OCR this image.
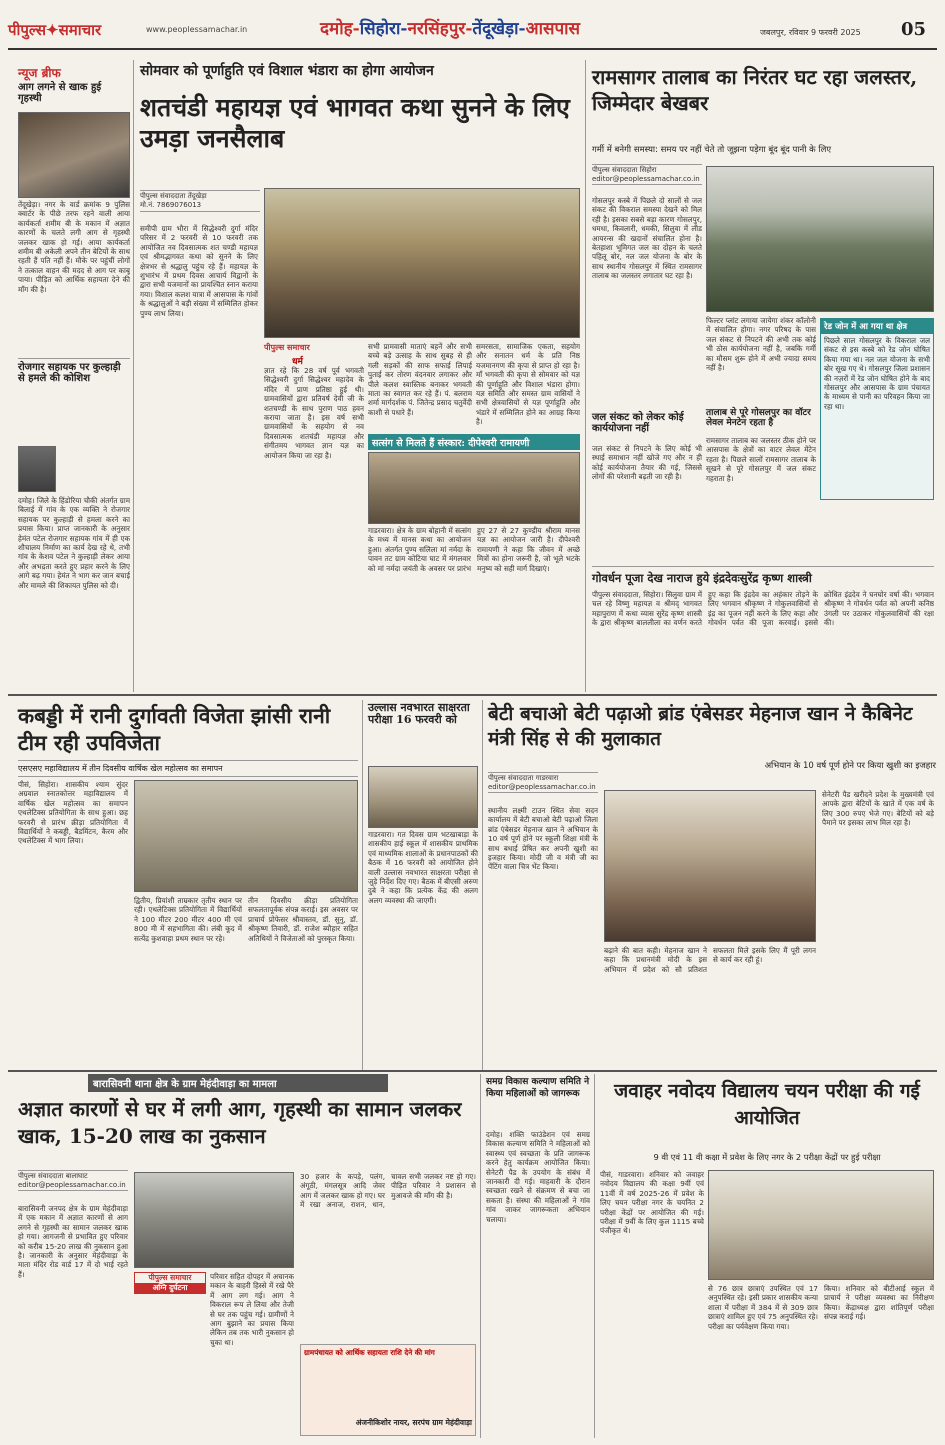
पीपुल्स✦समाचार	www.peoplessamachar.in	दमोह-सिहोरा-नरसिंहपुर-तेंदूखेड़ा-आसपास	जबलपुर, रविवार 9 फरवरी 2025 05
न्यूज ब्रीफ
आग लगने से खाक हुई गृहस्थी
तेंदूखेड़ा। नगर के वार्ड क्रमांक 9 पुलिस क्वार्टर के पीछे तरफ रहने वाली आया कार्यकर्ता शमीम बी के मकान में अज्ञात कारणों के चलते लगी आग से गृहस्थी जलकर खाक हो गई। आया कार्यकर्ता शमीम बी अकेली अपने तीन बेटियों के साथ रहती हैं पति नहीं हैं। मौके पर पहुंचीं लोगों ने तत्काल वाहन की मदद से आग पर काबू पाया। पीड़ित को आर्थिक सहायता देने की माँग की है।
रोजगार सहायक पर कुल्हाड़ी से हमले की कोशिश
दमोह। जिले के हिंडोरिया चौकी अंतर्गत ग्राम बिलाई में गांव के एक व्यक्ति ने रोजगार सहायक पर कुल्हाड़ी से हमला करने का प्रयास किया। प्राप्त जानकारी के अनुसार हेमंत पटेल रोजगार सहायक गांव में ही एक शौचालय निर्माण का कार्य देख रहे थे, तभी गांव के केशव पटेल ने कुल्हाड़ी लेकर आया और अभद्रता करते हुए प्रहार करने के लिए आगे बढ़ गया। हेमंत ने भाग कर जान बचाई और मामले की शिकायत पुलिस को दी।
सोमवार को पूर्णाहुति एवं विशाल भंडारा का होगा आयोजन
शतचंडी महायज्ञ एवं भागवत कथा सुनने के लिए उमड़ा जनसैलाब
पीपुल्स संवाददाता तेंदूखेड़ा
मो.नं. 7869076013
समीपी ग्राम भौरा में सिद्धेश्वरी दुर्गा मंदिर परिसर में 2 फरवरी से 10 फरवरी तक आयोजित नव दिवसात्मक शत चण्डी महायज्ञ एवं श्रीमद्भागवत कथा को सुनने के लिए क्षेत्रभर से श्रद्धालु पहुंच रहे हैं। महायज्ञ के शुभारंभ में प्रथम दिवस आचार्य विद्वानों के द्वारा सभी यजमानों का प्रायश्चित स्नान कराया गया। विशाल कलश यात्रा में आसपास के गांवों के श्रद्धालुओं ने बड़ी संख्या में सम्मिलित होकर पुण्य लाभ लिया।
पीपुल्स समाचार
धर्म
ज्ञात रहे कि 28 वर्ष पूर्व भगवती सिद्धेश्वरी दुर्गा सिद्धेश्वर महादेव के मंदिर में प्राण प्रतिष्ठा हुई थी। ग्रामवासियों द्वारा प्रतिवर्ष देवी जी के शतचण्डी के साथ पुराण पाठ हवन कराया जाता है। इस वर्ष सभी ग्रामवासियों के सहयोग से नव दिवसात्मक शतचंडी महायज्ञ और संगीतमय भागवत ज्ञान यज्ञ का आयोजन किया जा रहा है।
सभी प्रामवासी माताएं बहनें और सभी बच्चे बड़े उत्साह के साथ सुबह से ही गली सड़कों की साफ सफाई लिपाई पुताई कर तोरण वंदनवार लगाकर और पीले कलश स्वास्तिक बनाकर भगवती माता का स्वागत कर रहे हैं। पं. बलराम शर्मा मार्गदर्शक पं. जितेन्द्र प्रसाद चतुर्वेदी काशी से पधारे हैं।
समरसता, सामाजिक एकता, सहयोग और सनातन धर्म के प्रति निष्ठ यजमानगण की कृपा से प्राप्त हो रहा है। माँ भगवती की कृपा से सोमवार को यज्ञ की पूर्णाहुति और विशाल भंडारा होगा। यज्ञ समिति और समस्त ग्राम वासियों ने सभी क्षेत्रवासियों से यज्ञ पूर्णाहुति और भंडारे में सम्मिलित होने का आग्रह किया है।
सत्संग से मिलते हैं संस्कार: दीपेश्वरी रामायणी
गाडरवारा। क्षेत्र के ग्राम बोहानी में सत्संग के मध्य में मानस कथा का आयोजन हुआ। अंतर्गत पुण्य सलिला मां नर्मदा के पावन तट ग्राम कोटिया घाट में मंगलवार को मां नर्मदा जयंती के अवसर पर प्रारंभ हुए 27 से 27 कुण्डीय श्रीराम मानस यज्ञ का आयोजन जारी है। दीपेश्वरी रामायणी ने कहा कि जीवन में अच्छे मित्रों का होना जरूरी है, जो भूले भटके मनुष्य को सही मार्ग दिखाएं।
रामसागर तालाब का निरंतर घट रहा जलस्तर, जिम्मेदार बेखबर
गर्मी में बनेगी समस्या: समय पर नहीं चेते तो जूझना पड़ेगा बूंद बूंद पानी के लिए
पीपुल्स संवाददाता सिहोरा
editor@peoplessamachar.co.in
गोसलपुर कस्बे में पिछले दो सालों से जल संकट की विकराल समस्या देखने को मिल रही है। इसका सबसे बड़ा कारण गोसलपुर, धमधा, किवलारी, धमकी, सिलुवा में लीड आयरन्स की खदानों संचालित होना है। बेतहाशा भूमिगत जल का दोहन के चलते पहिलू बोर, नल जल योजना के बोर के साथ स्थानीय गोसलपुर में स्थित रामसागर तालाब का जलस्तर लगातार घट रहा है।
फिल्टर प्लांट लगाया जायेगा शंकर कॉलोनी में संचालित होगा। नगर परिषद के पास जल संकट से निपटने की अभी तक कोई भी ठोस कार्ययोजना नहीं है, जबकि गर्मी का मौसम शुरू होने में अभी ज्यादा समय नहीं है।
रेड जोन में आ गया था क्षेत्र
पिछले साल गोसलपुर के विकराल जल संकट से इस कस्बे को रेड जोन घोषित किया गया था। नल जल योजना के सभी बोर सूख गए थे। गोसलपुर जिला प्रशासन की नज़रों में रेड जोन घोषित होने के बाद गोसलपुर और आसपास के ग्राम पंचायत के माध्यम से पानी का परिवहन किया जा रहा था।
जल संकट को लेकर कोई कार्ययोजना नहीं
जल संकट से निपटने के लिए कोई भी स्थाई समाधान नहीं खोजे गए और न ही कोई कार्ययोजना तैयार की गई, जिससे लोगों की परेशानी बढ़ती जा रही है।
तालाब से पूरे गोसलपुर का वॉटर लेवल मेनटेन रहता है
रामसागर तालाब का जलस्तर ठीक होने पर आसपास के क्षेत्रों का वाटर लेवल मेंटेन रहता है। पिछले सालों रामसागर तालाब के सूखने से पूरे गोसलपुर में जल संकट गहराता है।
गोवर्धन पूजा देख नाराज हुये इंद्रदेवःसुरेंद्र कृष्ण शास्त्री
पीपुल्स संवाददाता, सिहोरा। सिलुवा ग्राम में चल रहे विष्णु महायज्ञ व श्रीमद् भागवत महापुराण में कथा व्यास सुरेंद्र कृष्ण शास्त्री के द्वारा श्रीकृष्ण बाललीला का वर्णन करते हुए कहा कि इंद्रदेव का अहंकार तोड़ने के लिए भगवान श्रीकृष्ण ने गोकुलवासियों से इंद्र का पूजन नहीं करने के लिए कहा और गोवर्धन पर्वत की पूजा करवाई। इससे क्रोधित इंद्रदेव ने घनघोर वर्षा की। भगवान श्रीकृष्ण ने गोवर्धन पर्वत को अपनी कनिष्ठ उंगली पर उठाकर गोकुलवासियों की रक्षा की।
कबड्डी में रानी दुर्गावती विजेता झांसी रानी टीम रही उपविजेता
एसएसए महाविद्यालय में तीन दिवसीय वार्षिक खेल महोत्सव का समापन
पीसं, सिहोरा। शासकीय श्याम सुंदर अग्रवाल स्नातकोत्तर महाविद्यालय में वार्षिक खेल महोत्सव का समापन एथलेटिक्स प्रतियोगिता के साथ हुआ। छह फरवरी से प्रारंभ क्रीड़ा प्रतियोगिता में विद्यार्थियों ने कबड्डी, बैडमिंटन, कैरम और एथलेटिक्स में भाग लिया।
द्वितीय, प्रियांशी ताम्रकार तृतीय स्थान पर रही। एथलेटिक्स प्रतियोगिता में विद्यार्थियों ने 100 मीटर 200 मीटर 400 मी एवं 800 मी में सहभागिता की। लंबी कूद में सत्येंद्र कुशवाहा प्रथम स्थान पर रहे।
तीन दिवसीय क्रीड़ा प्रतियोगिता सफलतापूर्वक संपन्न कराई। इस अवसर पर प्राचार्य प्रोफेसर श्रीवास्तव, डॉ. सुनु, डॉ. श्रीकृष्ण तिवारी, डॉ. राजेश ब्यौहार सहित अतिथियों ने विजेताओं को पुरस्कृत किया।
उल्लास नवभारत साक्षरता परीक्षा 16 फरवरी को
गाडरवारा। गत दिवस ग्राम भटखाबाड़ा के शासकीय हाई स्कूल में शासकीय प्राथमिक एवं माध्यमिक शालाओं के प्रधानपाठकों की बैठक में 16 फरवरी को आयोजित होने वाली उल्लास नवभारत साक्षरता परीक्षा से जुड़े निर्देश दिए गए। बैठक में बीएसी अरुण दुबे ने कहा कि प्रत्येक केंद्र की अलग अलग व्यवस्था की जाएगी।
बेटी बचाओ बेटी पढ़ाओ ब्रांड एंबेसडर मेहनाज खान ने कैबिनेट मंत्री सिंह से की मुलाकात
अभियान के 10 वर्ष पूर्ण होने पर किया खुशी का इजहार
पीपुल्स संवाददाता गाडरवारा
editor@peoplessamachar.co.in
स्थानीय लक्ष्मी टाउन स्थित सेवा सदन कार्यालय में बेटी बचाओ बेटी पढ़ाओ जिला ब्रांड एंबेसडर मेहनाज खान ने अभियान के 10 वर्ष पूर्ण होने पर स्कूली शिक्षा मंत्री के साथ बधाई प्रेषित कर अपनी खुशी का इजहार किया। मोदी जी व मंत्री जी का पेंटिंग वाला चित्र भेंट किया।
बढ़ाने की बात कही। मेहनाज खान ने कहा कि प्रधानमंत्री मोदी के इस अभियान में प्रदेश को सौ प्रतिशत सफलता मिले इसके लिए मैं पूरी लगन से कार्य कर रही हूं।
सेनेटरी पैड खरीदने प्रदेश के मुख्यमंत्री एवं आपके द्वारा बेटियों के खाते में एक वर्ष के लिए 300 रुपए भेजे गए। बेटियों को बड़े पैमाने पर इसका लाभ मिल रहा है।
बारासिवनी थाना क्षेत्र के ग्राम मेहंदीवाड़ा का मामला
अज्ञात कारणों से घर में लगी आग, गृहस्थी का सामान जलकर खाक, 15-20 लाख का नुकसान
पीपुल्स संवाददाता बालाघाट
editor@peoplessamachar.co.in
बारासिवनी जनपद क्षेत्र के ग्राम मेहंदीवाड़ा में एक मकान में अज्ञात कारणों से आग लगने से गृहस्थी का सामान जलकर खाक हो गया। आगजनी से प्रभावित हुए परिवार को करीब 15-20 लाख की नुकसान हुआ है। जानकारी के अनुसार मेहंदीवाड़ा के माता मंदिर रोड वार्ड 17 में दो भाई रहते हैं।	पीपुल्स समाचार
अग्नि दुर्घटना
परिवार सहित दोपहर में अचानक मकान के बाहरी हिस्से में रखे पैरे में आग लग गई। आग ने विकराल रूप ले लिया और तेजी से घर तक पहुंच गई। ग्रामीणों ने आग बुझाने का प्रयास किया लेकिन तब तक भारी नुकसान हो चुका था।
30 हजार के कपड़े, पलंग, अंगूठी, मंगलसूत्र आदि जेवर आग में जलकर खाक हो गए। घर में रखा अनाज, राशन, धान, चावल सभी जलकर नष्ट हो गए। पीड़ित परिवार ने प्रशासन से मुआवजे की माँग की है।
ग्रामपंचायत को आर्थिक सहायता राशि देने की मांग
अंजनीकिशोर नायर, सरपंच ग्राम मेहंदीवाड़ा
समग्र विकास कल्याण समिति ने किया महिलाओं को जागरूक
दमोह। शक्ति फाउंडेशन एवं समग्र विकास कल्याण समिति ने महिलाओं को स्वास्थ्य एवं स्वच्छता के प्रति जागरूक करने हेतु कार्यक्रम आयोजित किया। सेनेटरी पैड के उपयोग के संबंध में जानकारी दी गई। माहवारी के दौरान स्वच्छता रखने से संक्रमण से बचा जा सकता है। संस्था की महिलाओं ने गांव गांव जाकर जागरूकता अभियान चलाया।
जवाहर नवोदय विद्यालय चयन परीक्षा की गई आयोजित
9 वी एवं 11 वी कक्षा में प्रवेश के लिए नगर के 2 परीक्षा केंद्रों पर हुई परीक्षा
पीसं, गाडरवारा। शनिवार को जवाहर नवोदय विद्यालय की कक्षा 9वीं एवं 11वीं में वर्ष 2025-26 में प्रवेश के लिए चयन परीक्षा नगर के चयनित 2 परीक्षा केंद्रों पर आयोजित की गई। परीक्षा में 9वीं के लिए कुल 1115 बच्चे पंजीकृत थे।
से 76 छात्र छात्राएं उपस्थित एवं 17 अनुपस्थित रहे। इसी प्रकार शासकीय कन्या शाला में परीक्षा में 384 में से 309 छात्र छात्राएं शामिल हुए एवं 75 अनुपस्थित रहे। परीक्षा का पर्यवेक्षण किया गया।
किया। शनिवार को बीटीआई स्कूल में प्राचार्य ने परीक्षा व्यवस्था का निरीक्षण किया। केंद्राध्यक्ष द्वारा शांतिपूर्ण परीक्षा संपन्न कराई गई।
